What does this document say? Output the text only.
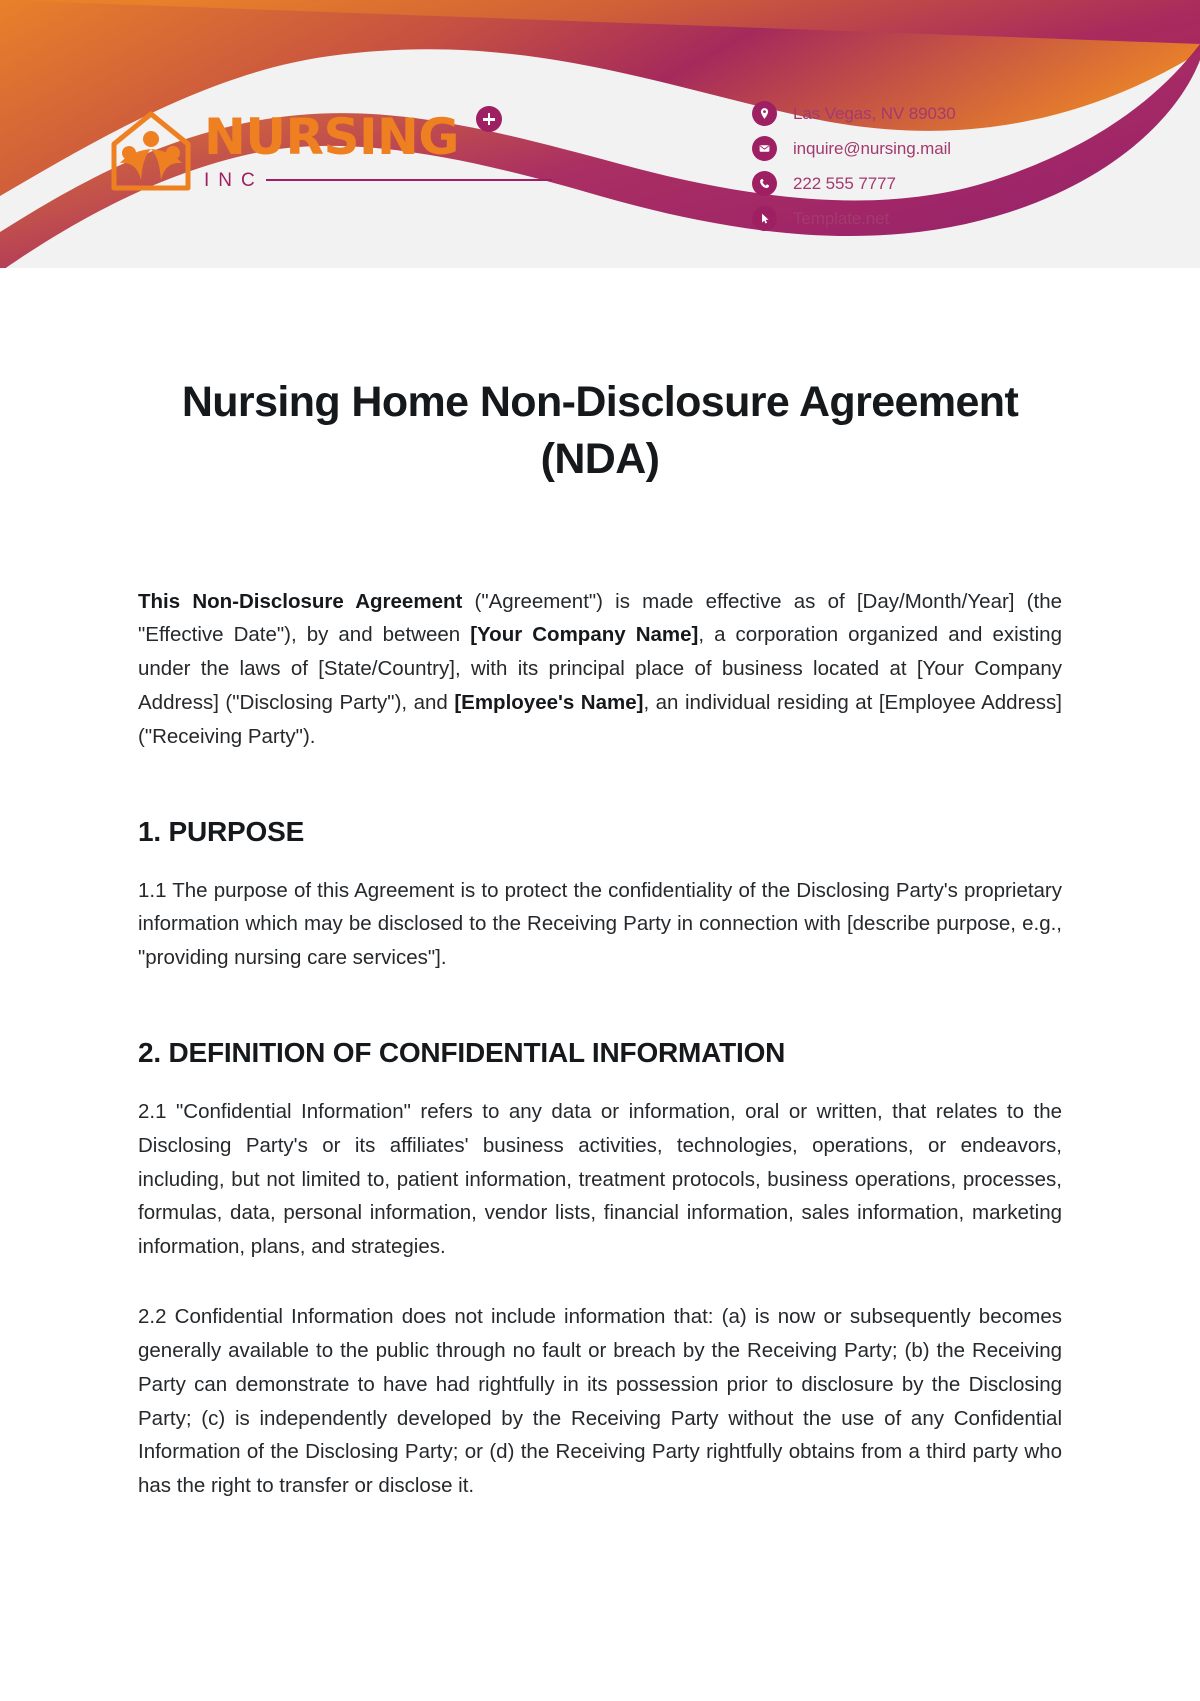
NURSING
INC
Las Vegas, NV 89030
inquire@nursing.mail
222 555 7777
Template.net
Nursing Home Non-Disclosure Agreement (NDA)

This Non-Disclosure Agreement ("Agreement") is made effective as of [Day/Month/Year] (the "Effective Date"), by and between [Your Company Name], a corporation organized and existing under the laws of [State/Country], with its principal place of business located at [Your Company Address] ("Disclosing Party"), and [Employee's Name], an individual residing at [Employee Address] ("Receiving Party").

1. PURPOSE

1.1 The purpose of this Agreement is to protect the confidentiality of the Disclosing Party's proprietary information which may be disclosed to the Receiving Party in connection with [describe purpose, e.g., "providing nursing care services"].

2. DEFINITION OF CONFIDENTIAL INFORMATION

2.1 "Confidential Information" refers to any data or information, oral or written, that relates to the Disclosing Party's or its affiliates' business activities, technologies, operations, or endeavors, including, but not limited to, patient information, treatment protocols, business operations, processes, formulas, data, personal information, vendor lists, financial information, sales information, marketing information, plans, and strategies.

2.2 Confidential Information does not include information that: (a) is now or subsequently becomes generally available to the public through no fault or breach by the Receiving Party; (b) the Receiving Party can demonstrate to have had rightfully in its possession prior to disclosure by the Disclosing Party; (c) is independently developed by the Receiving Party without the use of any Confidential Information of the Disclosing Party; or (d) the Receiving Party rightfully obtains from a third party who has the right to transfer or disclose it.
